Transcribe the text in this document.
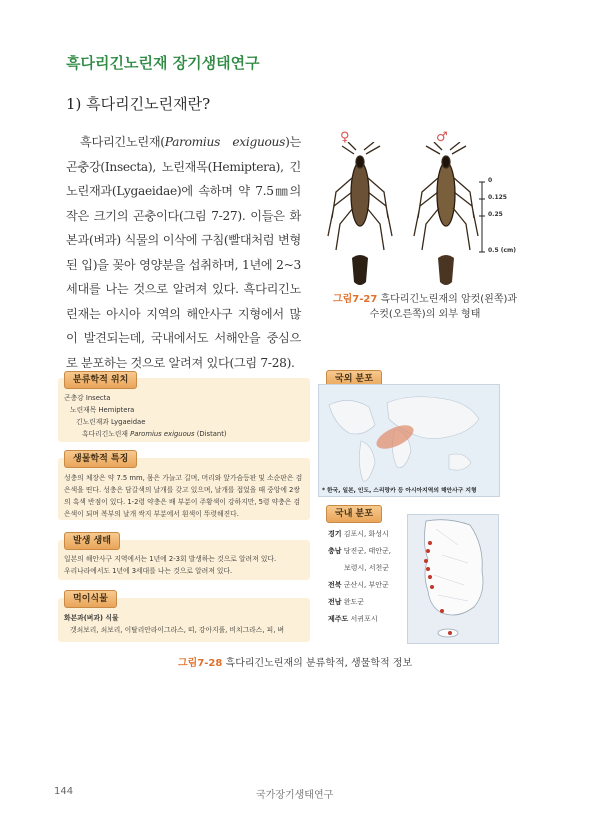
흑다리긴노린재 장기생태연구
1) 흑다리긴노린재란?

흑다리긴노린재(Paromius exiguous)는 곤충강(Insecta), 노린재목(Hemiptera), 긴노린재과(Lygaeidae)에 속하며 약 7.5㎜의 작은 크기의 곤충이다(그림 7-27). 이들은 화본과(벼과) 식물의 이삭에 구침(빨대처럼 변형된 입)을 꽂아 영양분을 섭취하며, 1년에 2~3세대를 나는 것으로 알려져 있다. 흑다리긴노린재는 아시아 지역의 해안사구 지형에서 많이 발견되는데, 국내에서도 서해안을 중심으로 분포하는 것으로 알려져 있다(그림 7-28).

♀	♂
0
0.125
0.25
0.5 (cm)
그림7-27 흑다리긴노린재의 암컷(왼쪽)과
수컷(오른쪽)의 외부 형태
분류학적 위치
곤충강 Insecta
노린재목 Hemiptera
긴노린재과 Lygaeidae
흑다리긴노린재 Paromius exiguous (Distant)
생물학적 특징
성충의 체장은 약 7.5 mm, 몸은 가늘고 길며, 머리와 앞가슴등판 및 소순판은 검은색을 띤다. 성충은 담갈색의 날개를 갖고 있으며, 날개를 접었을 때 중앙에 2쌍의 흑색 반점이 있다. 1-2령 약충은 배 부분이 주황색이 강하지만, 5령 약충은 검은색이 되며 복부의 날개 싹지 부분에서 흰색이 뚜렷해진다.
발생 생태
일본의 해안사구 지역에서는 1년에 2-3회 발생하는 것으로 알려져 있다.
우리나라에서도 1년에 3세대를 나는 것으로 알려져 있다.
먹이식물
화본과(벼과) 식물
갯쇠보리, 쇠보리, 이탈리안라이그라스, 띠, 강아지풀, 비치그라스, 피, 벼
국외 분포
* 한국, 일본, 인도, 스리랑카 등 아시아지역의 해안사구 지형
국내 분포
경기 김포시, 화성시
충남 당진군, 태안군,
보령시, 서천군
전북 군산시, 부안군
전남 완도군
제주도 서귀포시
그림7-28 흑다리긴노린재의 분류학적, 생물학적 정보
144	국가장기생태연구
